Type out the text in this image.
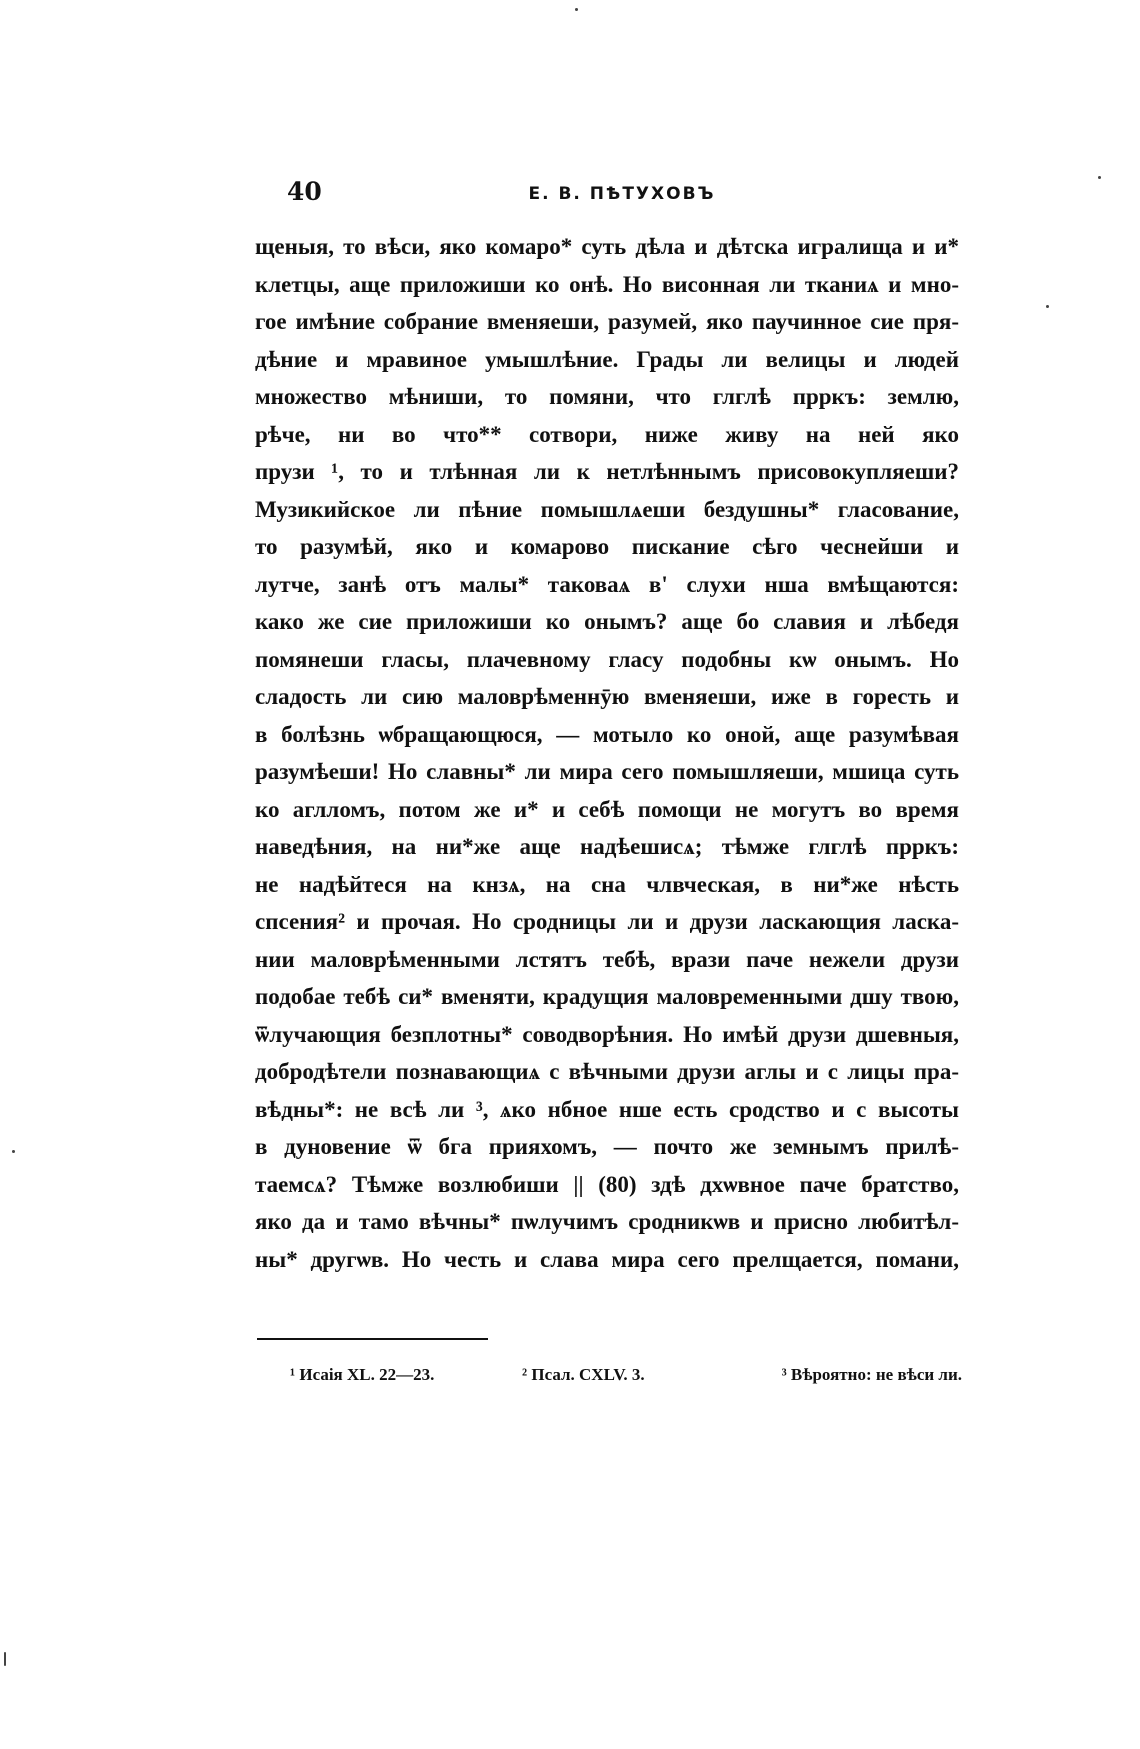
40	Е. В. ПѢТУХОВЪ
щеныя, то вѣси, яко комаро* суть дѣла и дѣтска игралища и и*
клетцы, аще приложиши ко онѣ. Но висонная ли тканиѧ и мно-
гое имѣние собрание вменяеши, разумей, яко паучинное сие пря-
дѣние и мравиное умышлѣние. Грады ли велицы и людей
множество мѣниши, то помяни, что глглѣ прркъ: землю,
рѣче, ни во что** сотвори, ниже живу на ней яко
прузи ¹, то и тлѣнная ли к нетлѣннымъ присовокупляеши?
Музикийское ли пѣние помышлѧеши бездушны* гласование,
то разумѣй, яко и комарово пискание сѣго чеснейши и
лутче, занѣ отъ малы* таковаѧ в' слухи нша вмѣщаются:
како же сие приложиши ко онымъ? аще бо славия и лѣбедя
помянеши гласы, плачевному гласу подобны кѡ онымъ. Но
сладость ли сию маловрѣменнӯю вменяеши, иже в горесть и
в болѣзнь ѡбращающюся, — мотыло ко оной, аще разумѣвая
разумѣеши! Но славны* ли мира сего помышляеши, мшица суть
ко аглломъ, потом же и* и себѣ помощи не могутъ во время
наведѣния, на ни*же аще надѣешисѧ; тѣмже глглѣ прркъ:
не надѣйтеся на кнзѧ, на сна члвческая, в ни*же нѣсть
спсения² и прочая. Но сродницы ли и друзи ласкающия ласка-
нии маловрѣменными лстятъ тебѣ, врази паче нежели друзи
подобае тебѣ си* вменяти, крадущия маловременными дшу твою,
ѿлучающия безплотны* соводворѣния. Но имѣй друзи дшевныя,
добродѣтели познавающиѧ с вѣчными друзи аглы и с лицы пра-
вѣдны*: не всѣ ли ³, ѧко нбное нше есть сродство и с высоты
в дуновение ѿ бга прияхомъ, — почто же земнымъ прилѣ-
таемсѧ? Тѣмже возлюбиши || (80) здѣ дхѡвное паче братство,
яко да и тамо вѣчны* пѡлучимъ сродникѡв и присно любитѣл-
ны* другѡв. Но честь и слава мира сего прелщается, помани,
¹ Исаія XL. 22—23.	² Псал. CXLV. 3.	³ Вѣроятно: не вѣси ли.
